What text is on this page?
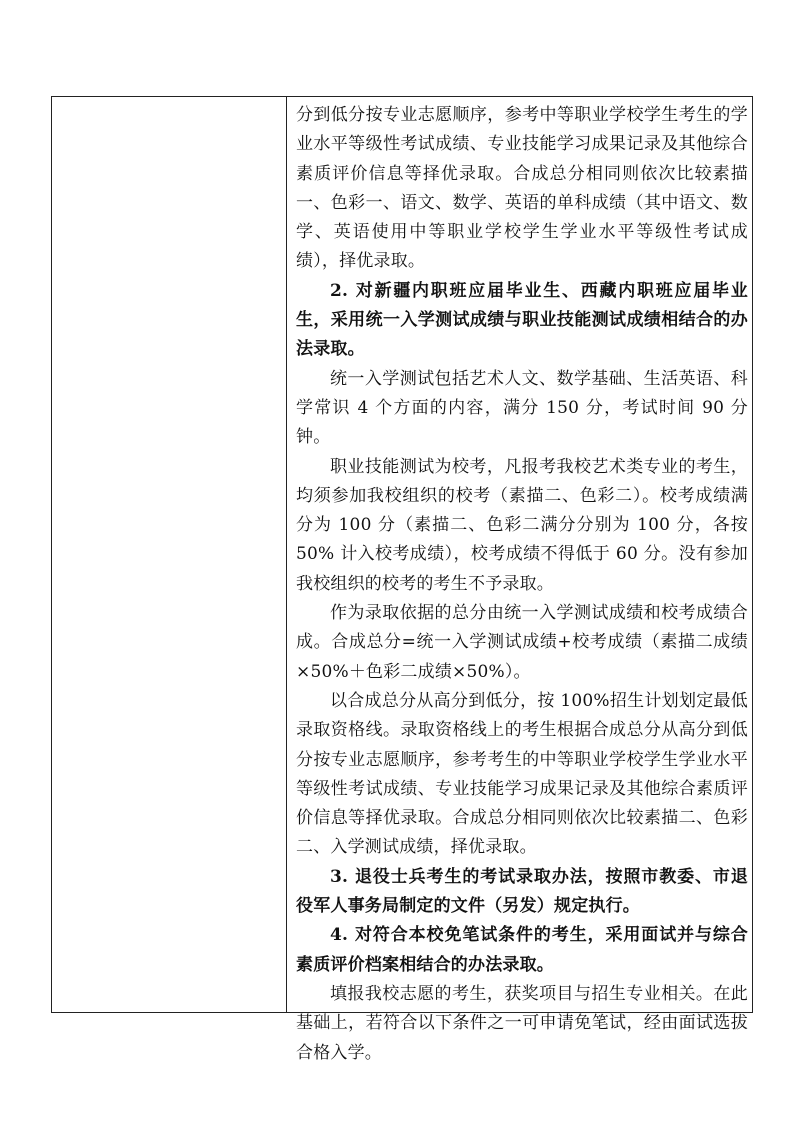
分到低分按专业志愿顺序，参考中等职业学校学生考生的学业水平等级性考试成绩、专业技能学习成果记录及其他综合素质评价信息等择优录取。合成总分相同则依次比较素描一、色彩一、语文、数学、英语的单科成绩（其中语文、数学、英语使用中等职业学校学生学业水平等级性考试成绩），择优录取。

2. 对新疆内职班应届毕业生、西藏内职班应届毕业生，采用统一入学测试成绩与职业技能测试成绩相结合的办法录取。

统一入学测试包括艺术人文、数学基础、生活英语、科学常识 4 个方面的内容，满分 150 分，考试时间 90 分钟。

职业技能测试为校考，凡报考我校艺术类专业的考生，均须参加我校组织的校考（素描二、色彩二）。校考成绩满分为 100 分（素描二、色彩二满分分别为 100 分，各按 50% 计入校考成绩），校考成绩不得低于 60 分。没有参加我校组织的校考的考生不予录取。

作为录取依据的总分由统一入学测试成绩和校考成绩合成。合成总分=统一入学测试成绩+校考成绩（素描二成绩×50%＋色彩二成绩×50%）。

以合成总分从高分到低分，按 100%招生计划划定最低录取资格线。录取资格线上的考生根据合成总分从高分到低分按专业志愿顺序，参考考生的中等职业学校学生学业水平等级性考试成绩、专业技能学习成果记录及其他综合素质评价信息等择优录取。合成总分相同则依次比较素描二、色彩二、入学测试成绩，择优录取。

3. 退役士兵考生的考试录取办法，按照市教委、市退役军人事务局制定的文件（另发）规定执行。

4. 对符合本校免笔试条件的考生，采用面试并与综合素质评价档案相结合的办法录取。

填报我校志愿的考生，获奖项目与招生专业相关。在此基础上，若符合以下条件之一可申请免笔试，经由面试选拔合格入学。
